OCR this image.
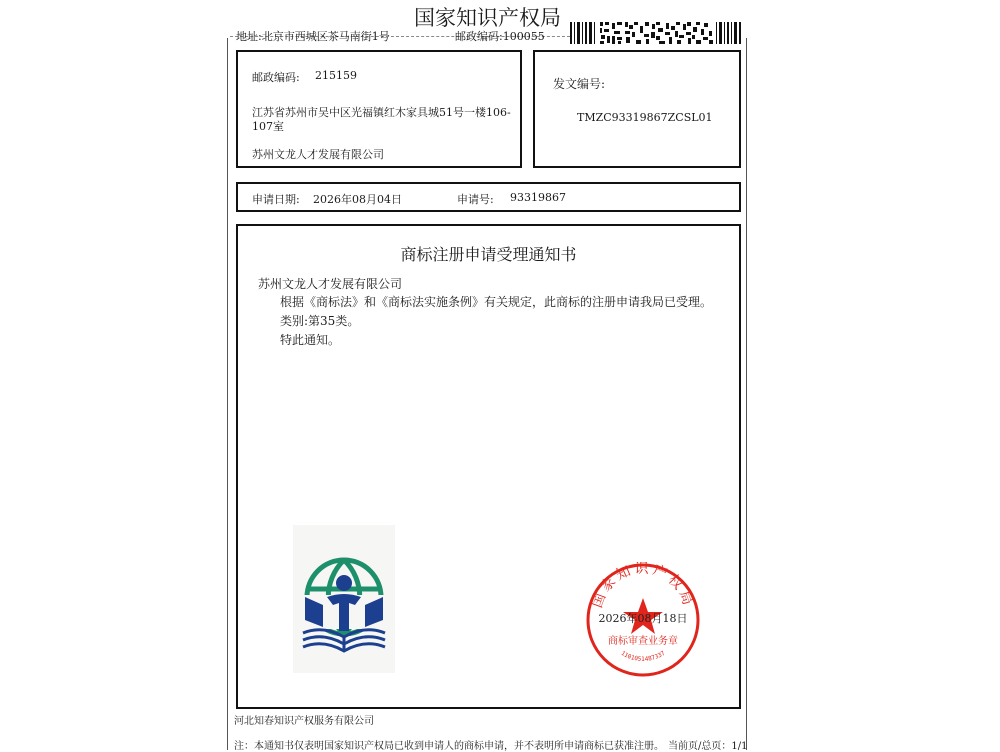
国家知识产权局
地址:北京市西城区茶马南街1号	邮政编码:100055
邮政编码: 215159
江苏省苏州市吴中区光福镇红木家具城51号一楼106-
107室
苏州文龙人才发展有限公司
发文编号:
TMZC93319867ZCSL01
申请日期: 2026年08月04日	申请号: 93319867
商标注册申请受理通知书
苏州文龙人才发展有限公司
根据《商标法》和《商标法实施条例》有关规定，此商标的注册申请我局已受理。
类别:第35类。
特此通知。
国家知识产权局
2026年08月18日
商标审查业务章
1101051487337
河北知春知识产权服务有限公司
注：本通知书仅表明国家知识产权局已收到申请人的商标申请，并不表明所申请商标已获准注册。 当前页/总页：1/1
